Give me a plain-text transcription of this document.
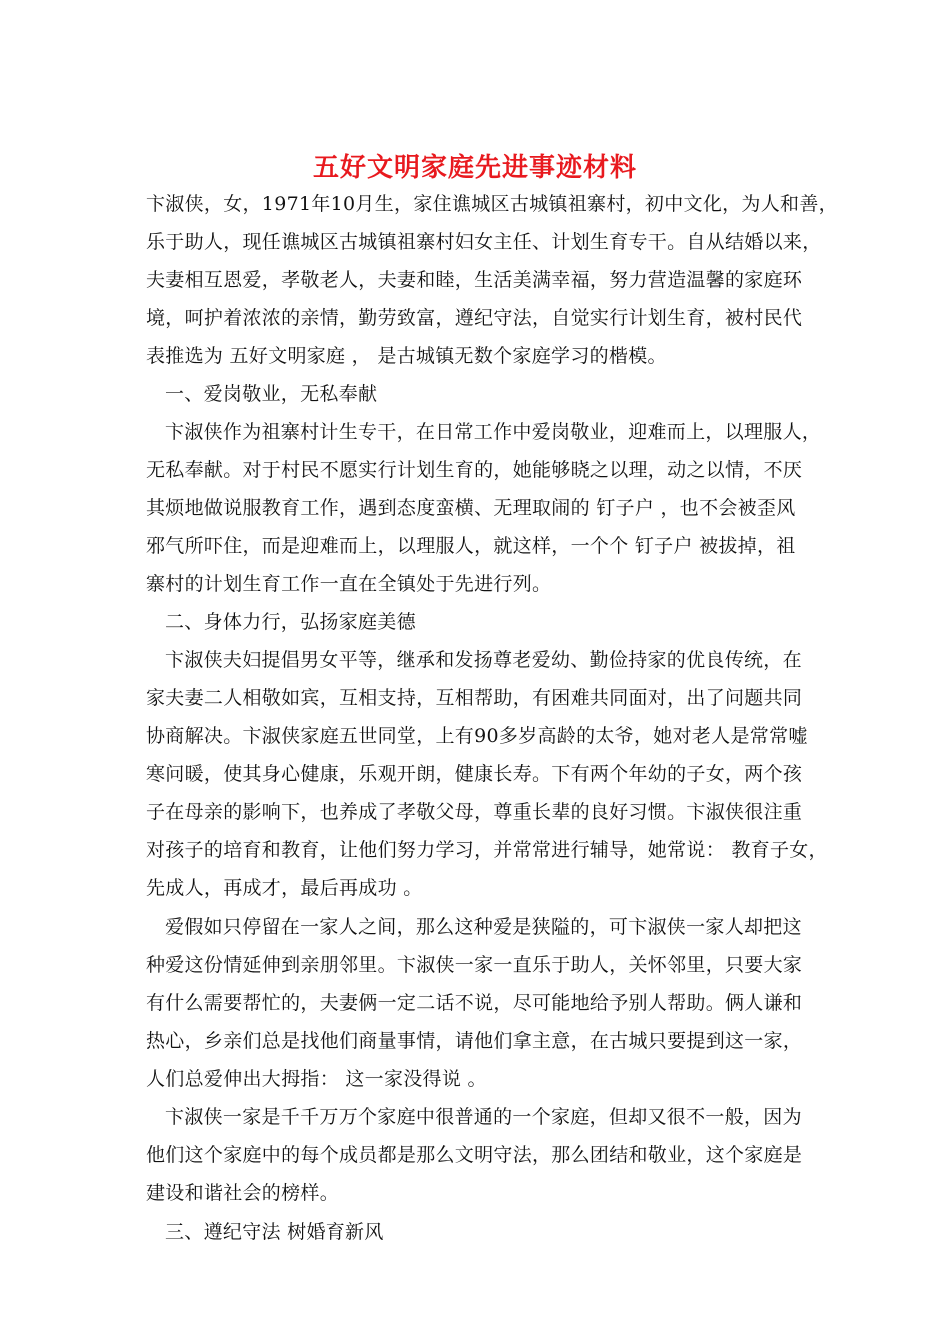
五好文明家庭先进事迹材料
卞淑侠，女，1971年10月生，家住谯城区古城镇祖寨村，初中文化，为人和善，
乐于助人，现任谯城区古城镇祖寨村妇女主任、计划生育专干。自从结婚以来，
夫妻相互恩爱，孝敬老人，夫妻和睦，生活美满幸福，努力营造温馨的家庭环
境，呵护着浓浓的亲情，勤劳致富，遵纪守法，自觉实行计划生育，被村民代
表推选为 五好文明家庭 ， 是古城镇无数个家庭学习的楷模。
一、爱岗敬业，无私奉献
卞淑侠作为祖寨村计生专干，在日常工作中爱岗敬业，迎难而上，以理服人，
无私奉献。对于村民不愿实行计划生育的，她能够晓之以理，动之以情，不厌
其烦地做说服教育工作，遇到态度蛮横、无理取闹的 钉子户 ，也不会被歪风
邪气所吓住，而是迎难而上，以理服人，就这样，一个个 钉子户 被拔掉，祖
寨村的计划生育工作一直在全镇处于先进行列。
二、身体力行，弘扬家庭美德
卞淑侠夫妇提倡男女平等，继承和发扬尊老爱幼、勤俭持家的优良传统，在
家夫妻二人相敬如宾，互相支持，互相帮助，有困难共同面对，出了问题共同
协商解决。卞淑侠家庭五世同堂，上有90多岁高龄的太爷，她对老人是常常嘘
寒问暖，使其身心健康，乐观开朗，健康长寿。下有两个年幼的子女，两个孩
子在母亲的影响下，也养成了孝敬父母，尊重长辈的良好习惯。卞淑侠很注重
对孩子的培育和教育，让他们努力学习，并常常进行辅导，她常说： 教育子女，
先成人，再成才，最后再成功 。
爱假如只停留在一家人之间，那么这种爱是狭隘的，可卞淑侠一家人却把这
种爱这份情延伸到亲朋邻里。卞淑侠一家一直乐于助人，关怀邻里，只要大家
有什么需要帮忙的，夫妻俩一定二话不说，尽可能地给予别人帮助。俩人谦和
热心，乡亲们总是找他们商量事情，请他们拿主意，在古城只要提到这一家，
人们总爱伸出大拇指： 这一家没得说 。
卞淑侠一家是千千万万个家庭中很普通的一个家庭，但却又很不一般，因为
他们这个家庭中的每个成员都是那么文明守法，那么团结和敬业，这个家庭是
建设和谐社会的榜样。
三、遵纪守法 树婚育新风
